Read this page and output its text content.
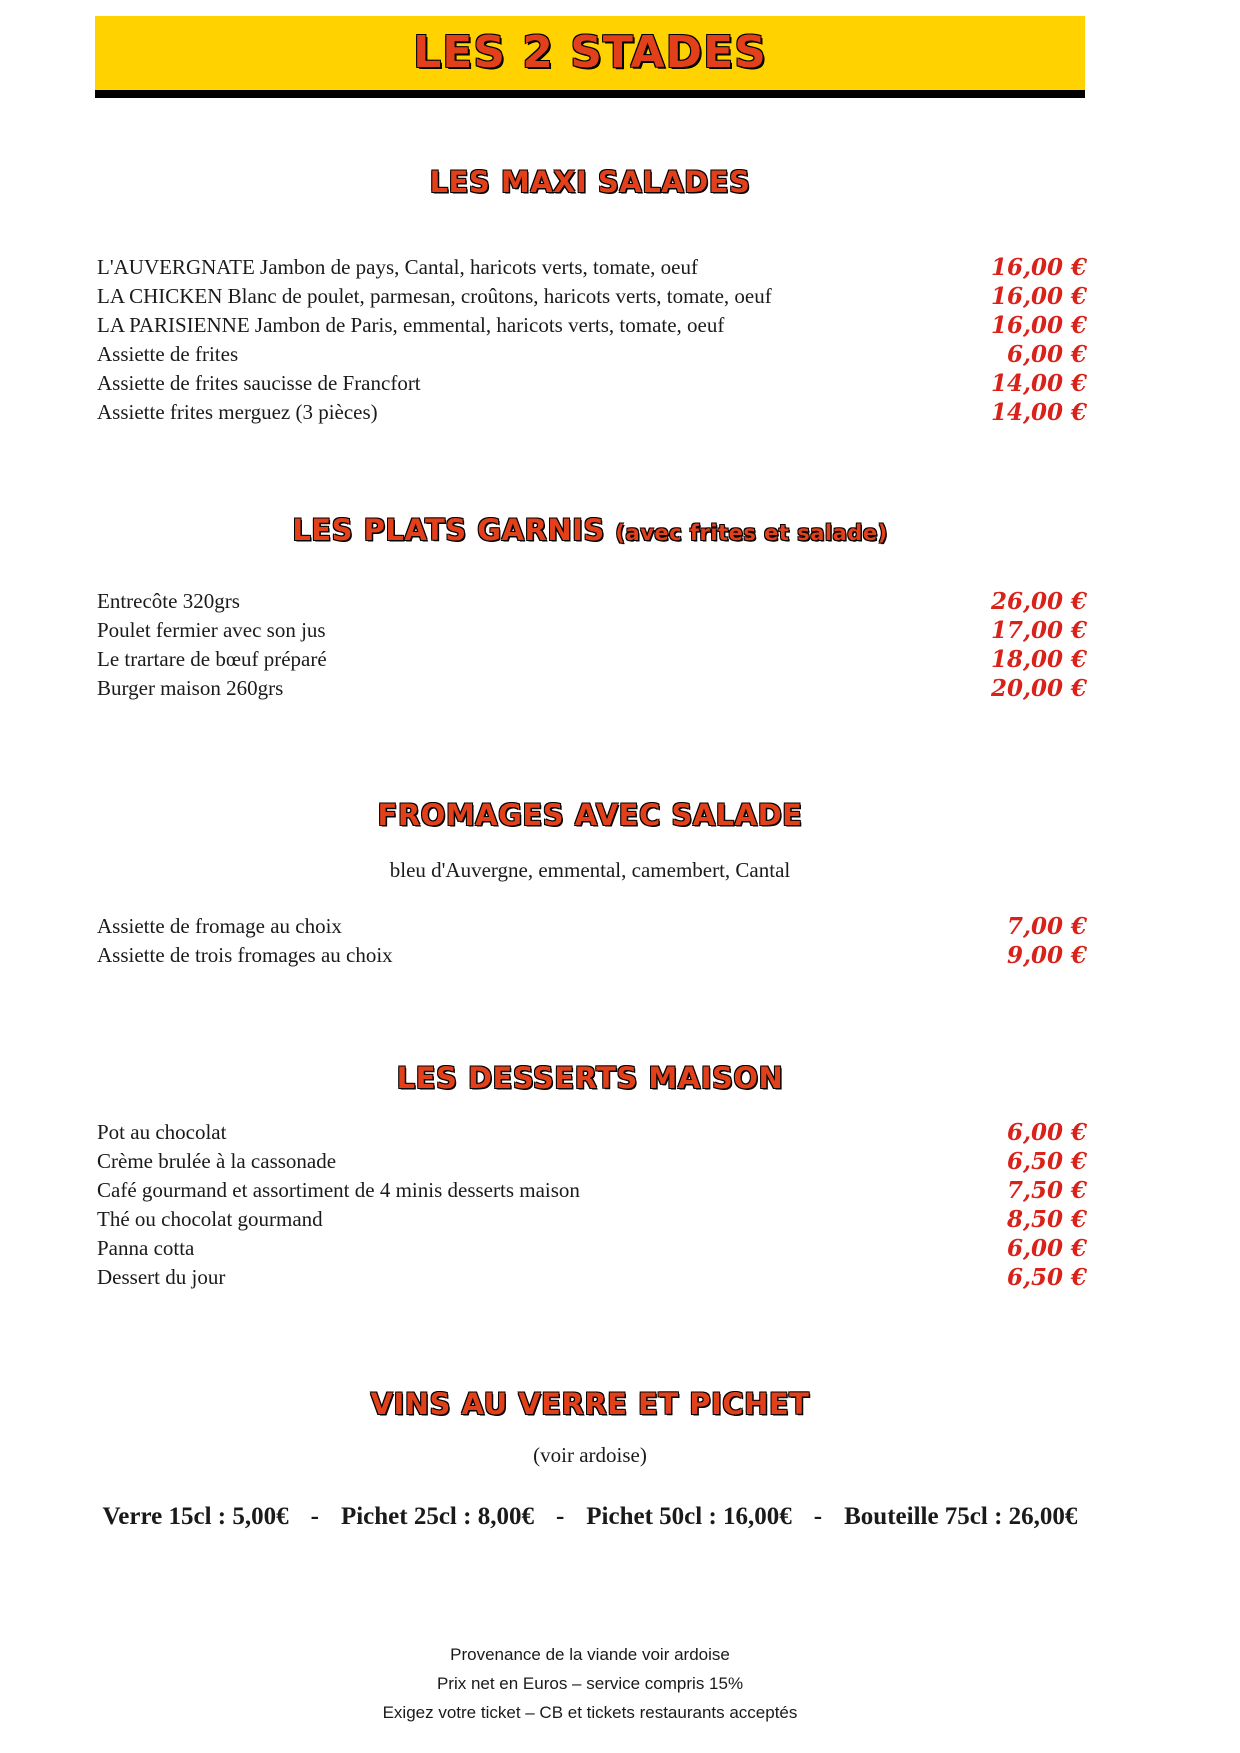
LES 2 STADES
LES MAXI SALADES
L'AUVERGNATE Jambon de pays, Cantal, haricots verts, tomate, oeuf	16,00 €
LA CHICKEN Blanc de poulet, parmesan, croûtons, haricots verts, tomate, oeuf	16,00 €
LA PARISIENNE Jambon de Paris, emmental, haricots verts, tomate, oeuf	16,00 €
Assiette de frites	6,00 €
Assiette de frites saucisse de Francfort	14,00 €
Assiette frites merguez (3 pièces)	14,00 €
LES PLATS GARNIS (avec frites et salade)
Entrecôte 320grs	26,00 €
Poulet fermier avec son jus	17,00 €
Le trartare de bœuf préparé	18,00 €
Burger maison 260grs	20,00 €
FROMAGES AVEC SALADE
bleu d'Auvergne, emmental, camembert, Cantal
Assiette de fromage au choix	7,00 €
Assiette de trois fromages au choix	9,00 €
LES DESSERTS MAISON
Pot au chocolat	6,00 €
Crème brulée à la cassonade	6,50 €
Café gourmand et assortiment de 4 minis desserts maison	7,50 €
Thé ou chocolat gourmand	8,50 €
Panna cotta	6,00 €
Dessert du jour	6,50 €
VINS AU VERRE ET PICHET
(voir ardoise)
Verre 15cl : 5,00€ - Pichet 25cl : 8,00€ - Pichet 50cl : 16,00€ - Bouteille 75cl : 26,00€
Provenance de la viande voir ardoise
Prix net en Euros – service compris 15%
Exigez votre ticket – CB et tickets restaurants acceptés
